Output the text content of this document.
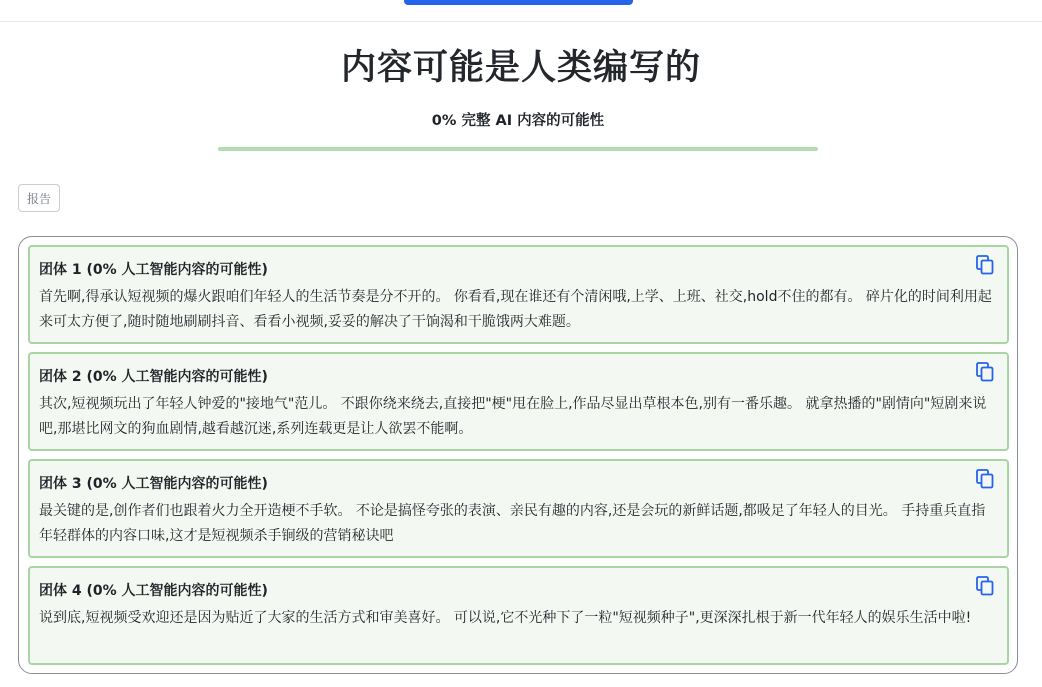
内容可能是人类编写的
0% 完整 AI 内容的可能性
报告
团体 1 (0% 人工智能内容的可能性)
首先啊,得承认短视频的爆火跟咱们年轻人的生活节奏是分不开的。 你看看,现在谁还有个清闲哦,上学、上班、社交,hold不住的都有。 碎片化的时间利用起来可太方便了,随时随地刷刷抖音、看看小视频,妥妥的解决了干饷渴和干脆饿两大难题。
团体 2 (0% 人工智能内容的可能性)
其次,短视频玩出了年轻人钟爱的"接地气"范儿。 不跟你绕来绕去,直接把"梗"甩在脸上,作品尽显出草根本色,别有一番乐趣。 就拿热播的"剧情向"短剧来说吧,那堪比网文的狗血剧情,越看越沉迷,系列连载更是让人欲罢不能啊。
团体 3 (0% 人工智能内容的可能性)
最关键的是,创作者们也跟着火力全开造梗不手软。 不论是搞怪夸张的表演、亲民有趣的内容,还是会玩的新鲜话题,都吸足了年轻人的目光。 手持重兵直指年轻群体的内容口味,这才是短视频杀手锏级的营销秘诀吧
团体 4 (0% 人工智能内容的可能性)
说到底,短视频受欢迎还是因为贴近了大家的生活方式和审美喜好。 可以说,它不光种下了一粒"短视频种子",更深深扎根于新一代年轻人的娱乐生活中啦!
